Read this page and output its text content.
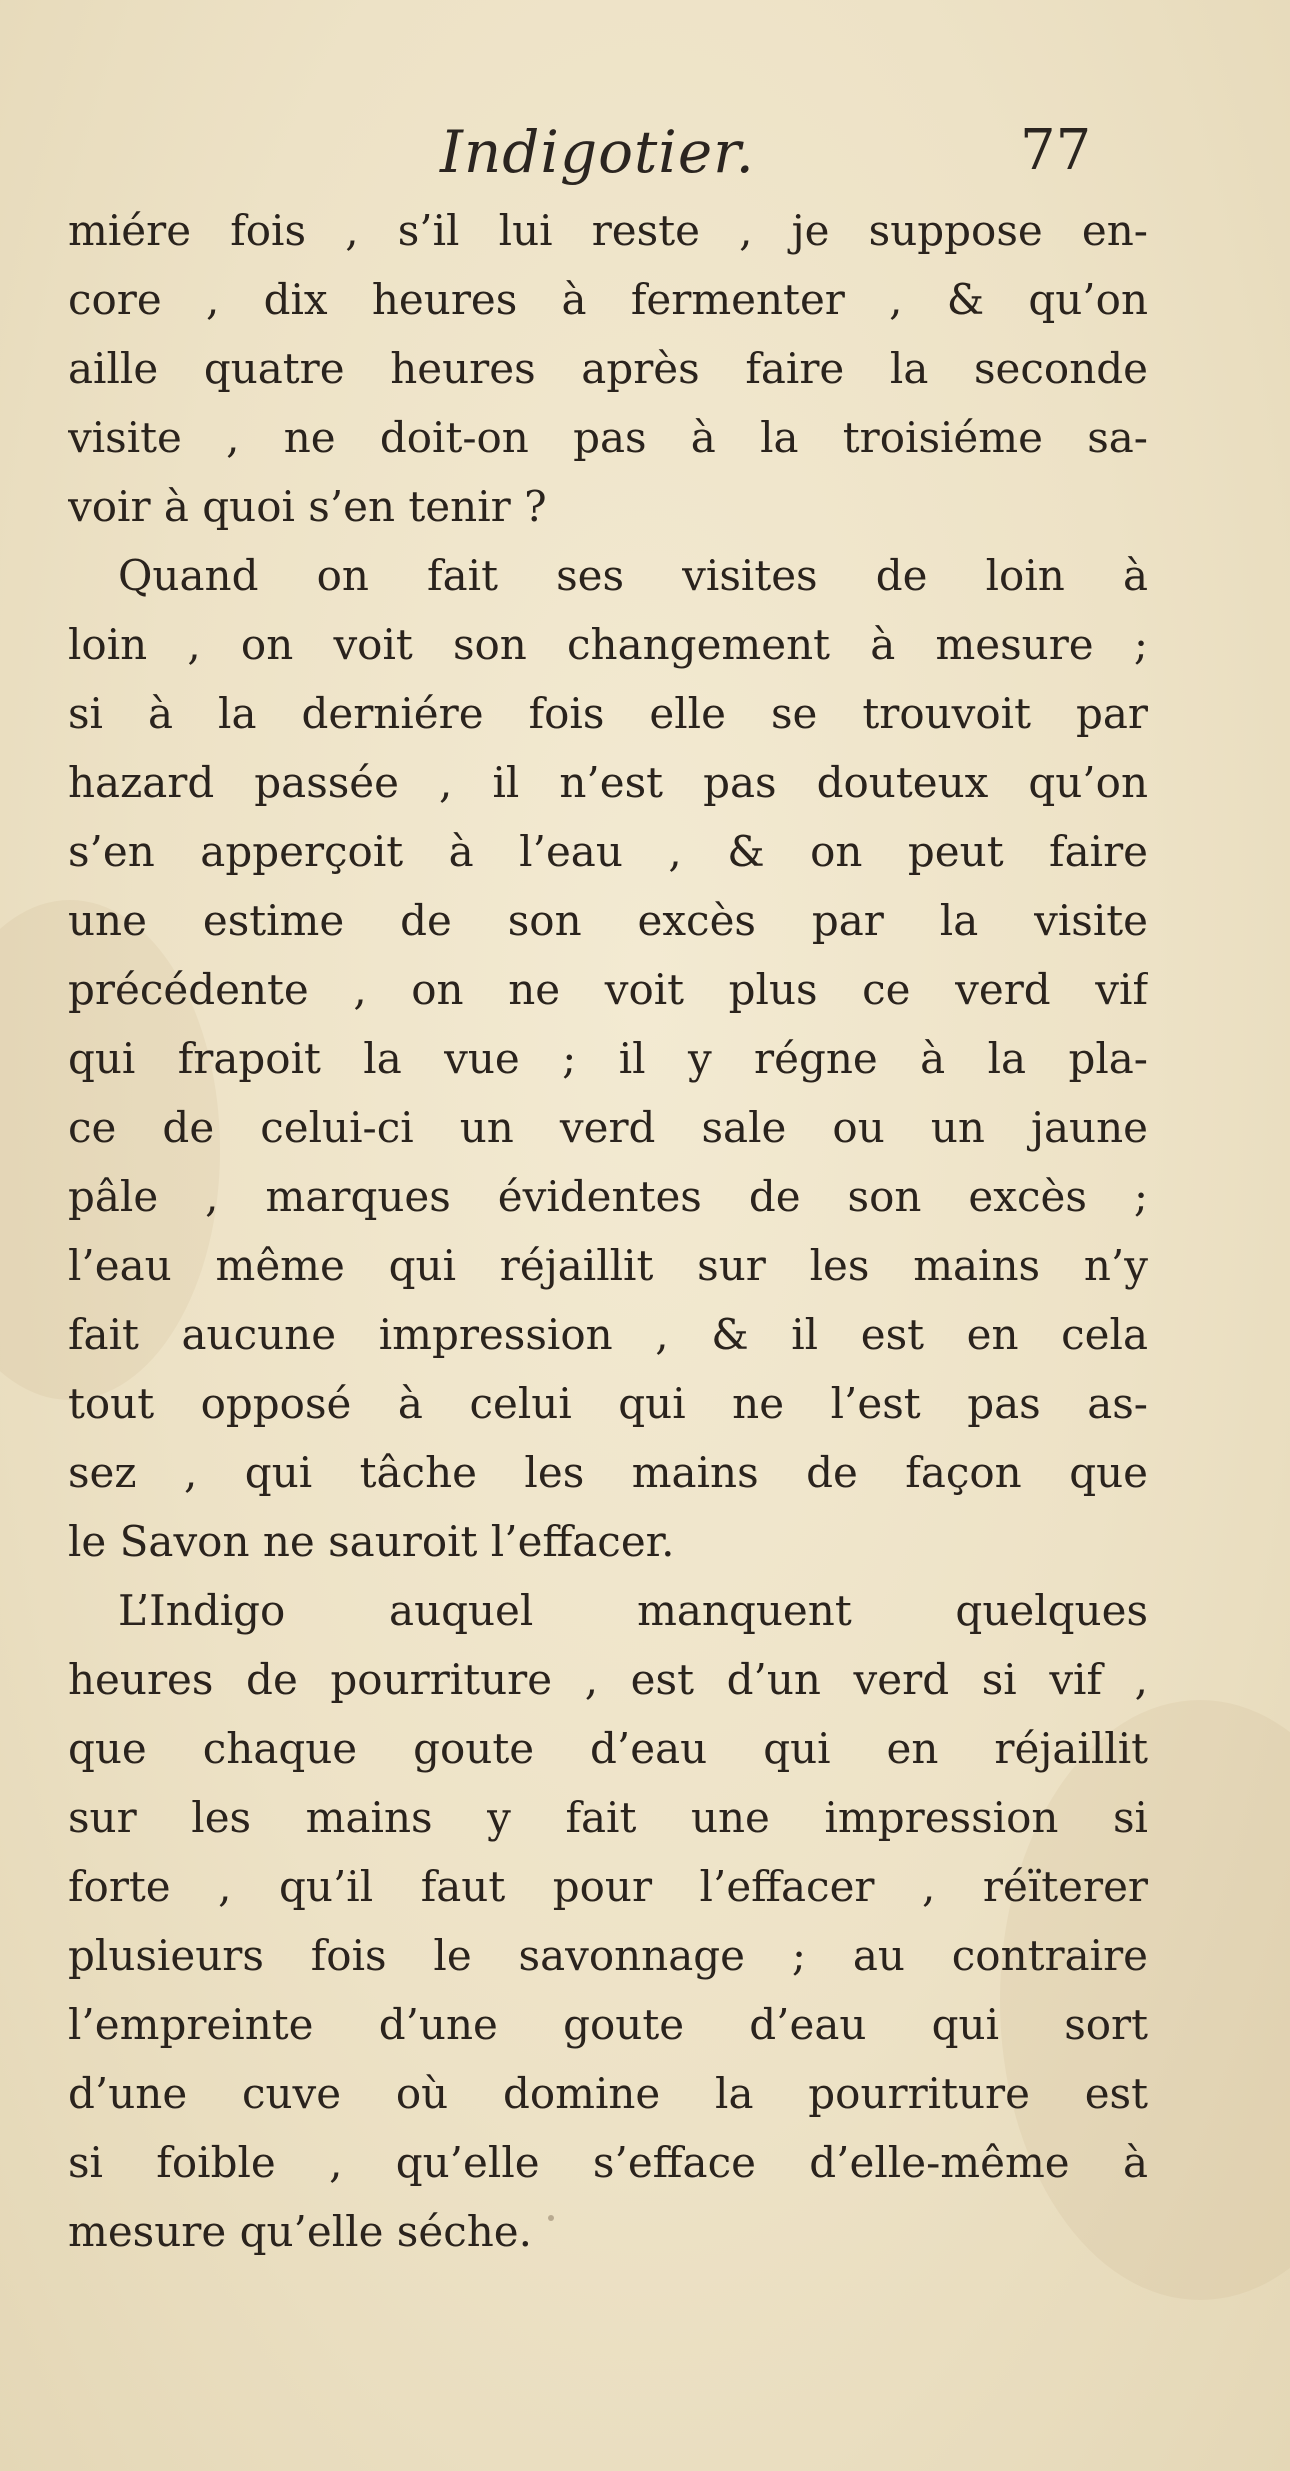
Indigotier.	77
miére fois , s’il lui reste , je suppose en-
core , dix heures à fermenter , & qu’on
aille quatre heures après faire la seconde
visite , ne doit-on pas à la troisiéme sa-
voir à quoi s’en tenir ?
Quand on fait ses visites de loin à
loin , on voit son changement à mesure ;
si à la derniére fois elle se trouvoit par
hazard passée , il n’est pas douteux qu’on
s’en apperçoit à l’eau , & on peut faire
une estime de son excès par la visite
précédente , on ne voit plus ce verd vif
qui frapoit la vue ; il y régne à la pla-
ce de celui-ci un verd sale ou un jaune
pâle , marques évidentes de son excès ;
l’eau même qui réjaillit sur les mains n’y
fait aucune impression , & il est en cela
tout opposé à celui qui ne l’est pas as-
sez , qui tâche les mains de façon que
le Savon ne sauroit l’effacer.
L’Indigo auquel manquent quelques
heures de pourriture , est d’un verd si vif ,
que chaque goute d’eau qui en réjaillit
sur les mains y fait une impression si
forte , qu’il faut pour l’effacer , réïterer
plusieurs fois le savonnage ; au contraire
l’empreinte d’une goute d’eau qui sort
d’une cuve où domine la pourriture est
si foible , qu’elle s’efface d’elle-même à
mesure qu’elle séche.
